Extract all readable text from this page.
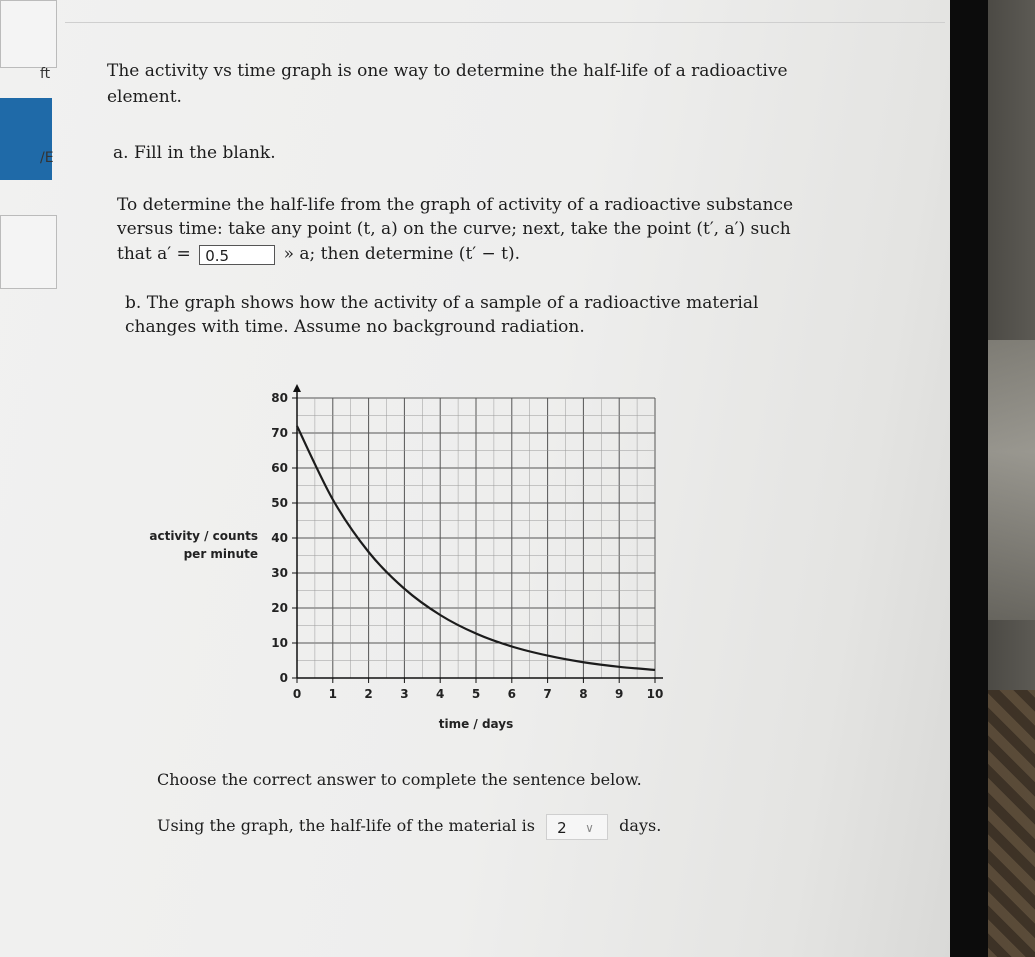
ft
/E
The activity vs time graph is one way to determine the half-life of a radioactive
element.
a. Fill in the blank.
To determine the half-life from the graph of activity of a radioactive substance
versus time: take any point (t, a) on the curve; next, take the point (t′, a′) such
that a′ = 0.5	» a; then determine (t′ − t).
b. The graph shows how the activity of a sample of a radioactive material
changes with time. Assume no background radiation.
activity / counts
per minute
0 1 2 3 4 5 6 7 8 9 10
0
10
20
30
40
50
60
70
80
time / days
Choose the correct answer to complete the sentence below.
Using the graph, the half-life of the material is 2 ∨ days.
